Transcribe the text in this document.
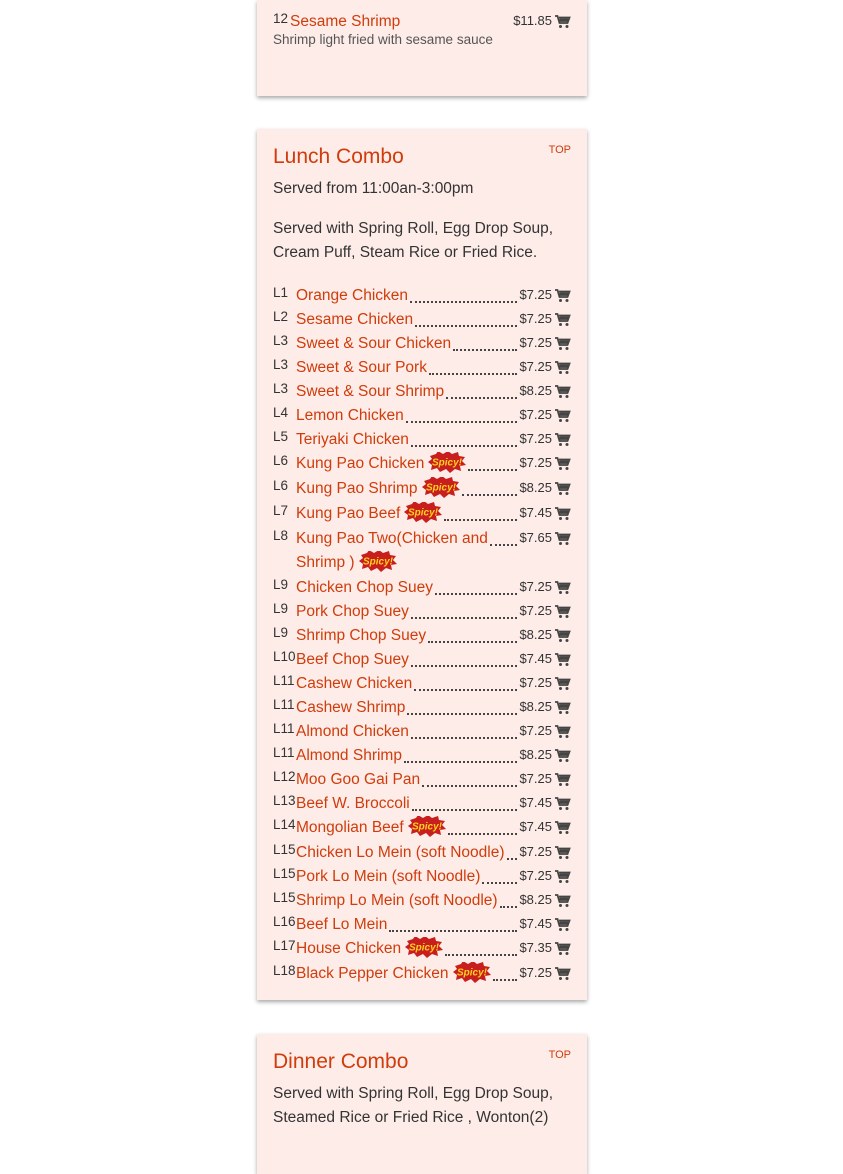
12 Sesame Shrimp	$11.85
Shrimp light fried with sesame sauce
Lunch Combo	TOP
Served from 11:00an-3:00pm
Served with Spring Roll, Egg Drop Soup, Cream Puff, Steam Rice or Fried Rice.
L1 Orange Chicken	$7.25
L2 Sesame Chicken	$7.25
L3 Sweet & Sour Chicken	$7.25
L3 Sweet & Sour Pork	$7.25
L3 Sweet & Sour Shrimp	$8.25
L4 Lemon Chicken	$7.25
L5 Teriyaki Chicken	$7.25
L6 Kung Pao Chicken Spicy!	$7.25
L6 Kung Pao Shrimp Spicy!	$8.25
L7 Kung Pao Beef Spicy!	$7.45
L8 Kung Pao Two(Chicken and	$7.65
Shrimp ) Spicy!
L9 Chicken Chop Suey	$7.25
L9 Pork Chop Suey	$7.25
L9 Shrimp Chop Suey	$8.25
L10 Beef Chop Suey	$7.45
L11 Cashew Chicken	$7.25
L11 Cashew Shrimp	$8.25
L11 Almond Chicken	$7.25
L11 Almond Shrimp	$8.25
L12 Moo Goo Gai Pan	$7.25
L13 Beef W. Broccoli	$7.45
L14 Mongolian Beef Spicy!	$7.45
L15 Chicken Lo Mein (soft Noodle)	$7.25
L15 Pork Lo Mein (soft Noodle)	$7.25
L15 Shrimp Lo Mein (soft Noodle)	$8.25
L16 Beef Lo Mein	$7.45
L17 House Chicken Spicy!	$7.35
L18 Black Pepper Chicken Spicy!	$7.25
Dinner Combo	TOP
Served with Spring Roll, Egg Drop Soup, Steamed Rice or Fried Rice , Wonton(2)
